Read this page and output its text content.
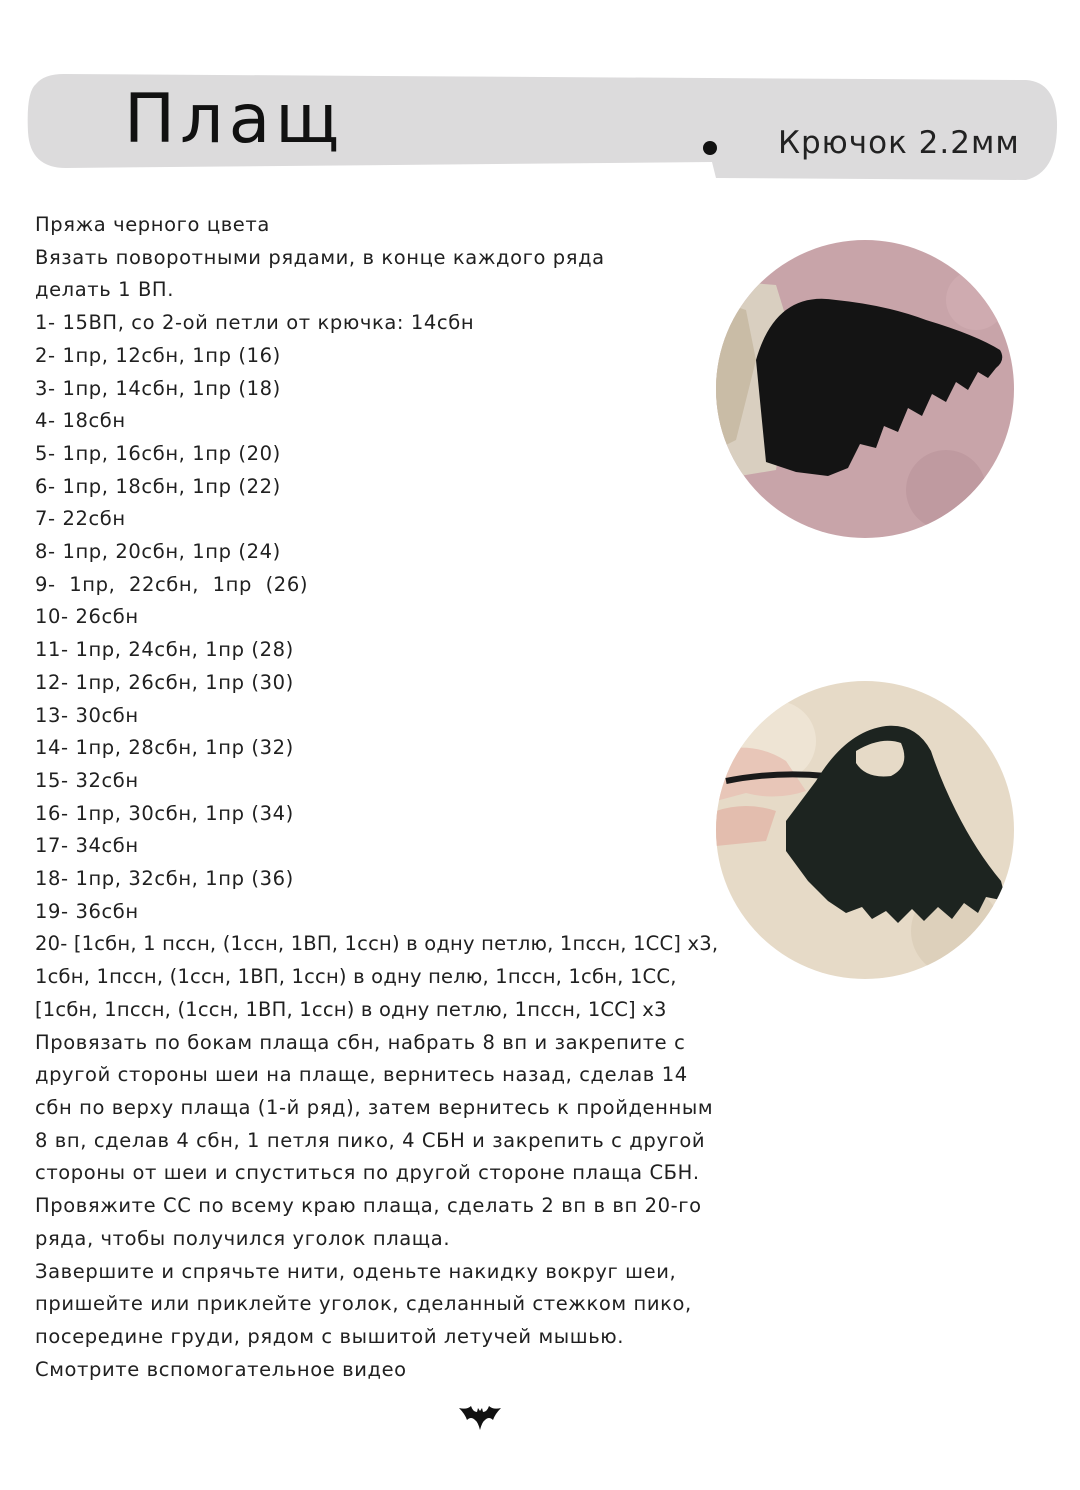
Плащ	Крючок 2.2мм
Пряжа черного цвета
Вязать поворотными рядами, в конце каждого ряда
делать 1 ВП.
1- 15ВП, со 2-ой петли от крючка: 14сбн
2- 1пр, 12сбн, 1пр (16)
3- 1пр, 14сбн, 1пр (18)
4- 18сбн
5- 1пр, 16сбн, 1пр (20)
6- 1пр, 18сбн, 1пр (22)
7- 22сбн
8- 1пр, 20сбн, 1пр (24)
9-  1пр,  22сбн,  1пр  (26)
10- 26сбн
11- 1пр, 24сбн, 1пр (28)
12- 1пр, 26сбн, 1пр (30)
13- 30сбн
14- 1пр, 28сбн, 1пр (32)
15- 32сбн
16- 1пр, 30сбн, 1пр (34)
17- 34сбн
18- 1пр, 32сбн, 1пр (36)
19- 36сбн
20- [1сбн, 1 пссн, (1ссн, 1ВП, 1ссн) в одну петлю, 1пссн, 1СС] х3,
1сбн, 1пссн, (1ссн, 1ВП, 1ссн) в одну пелю, 1пссн, 1сбн, 1СС,
[1сбн, 1пссн, (1ссн, 1ВП, 1ссн) в одну петлю, 1пссн, 1СС] х3
Провязать по бокам плаща сбн, набрать 8 вп и закрепите с другой стороны шеи на плаще, вернитесь назад, сделав 14 сбн по верху плаща (1-й ряд), затем вернитесь к пройденным 8 вп, сделав 4 сбн, 1 петля пико, 4 СБН и закрепить с другой стороны от шеи и спуститься по другой стороне плаща СБН. Провяжите СС по всему краю плаща, сделать 2 вп в вп 20-го ряда, чтобы получился уголок плаща.
Завершите и спрячьте нити, оденьте накидку вокруг шеи, пришейте или приклейте уголок, сделанный стежком пико, посередине груди, рядом с вышитой летучей мышью.
Смотрите вспомогательное видео
